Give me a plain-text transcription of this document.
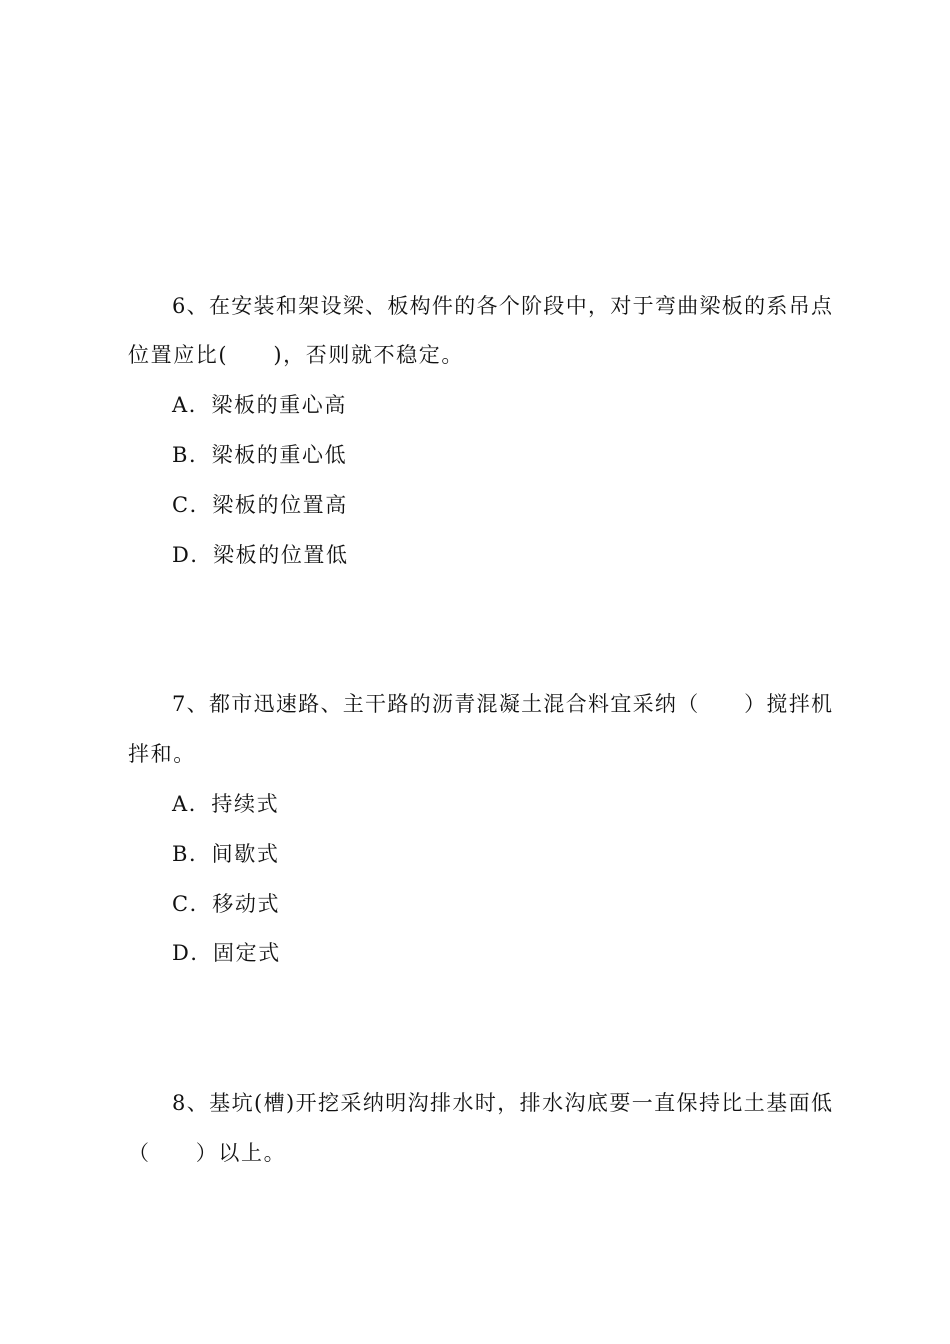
6、在安装和架设梁、板构件的各个阶段中，对于弯曲梁板的系吊点
位置应比(　　)，否则就不稳定。
A．梁板的重心高
B．梁板的重心低
C．梁板的位置高
D．梁板的位置低
7、都市迅速路、主干路的沥青混凝土混合料宜采纳（　　）搅拌机
拌和。
A．持续式
B．间歇式
C．移动式
D．固定式
8、基坑(槽)开挖采纳明沟排水时，排水沟底要一直保持比土基面低
（　　）以上。
